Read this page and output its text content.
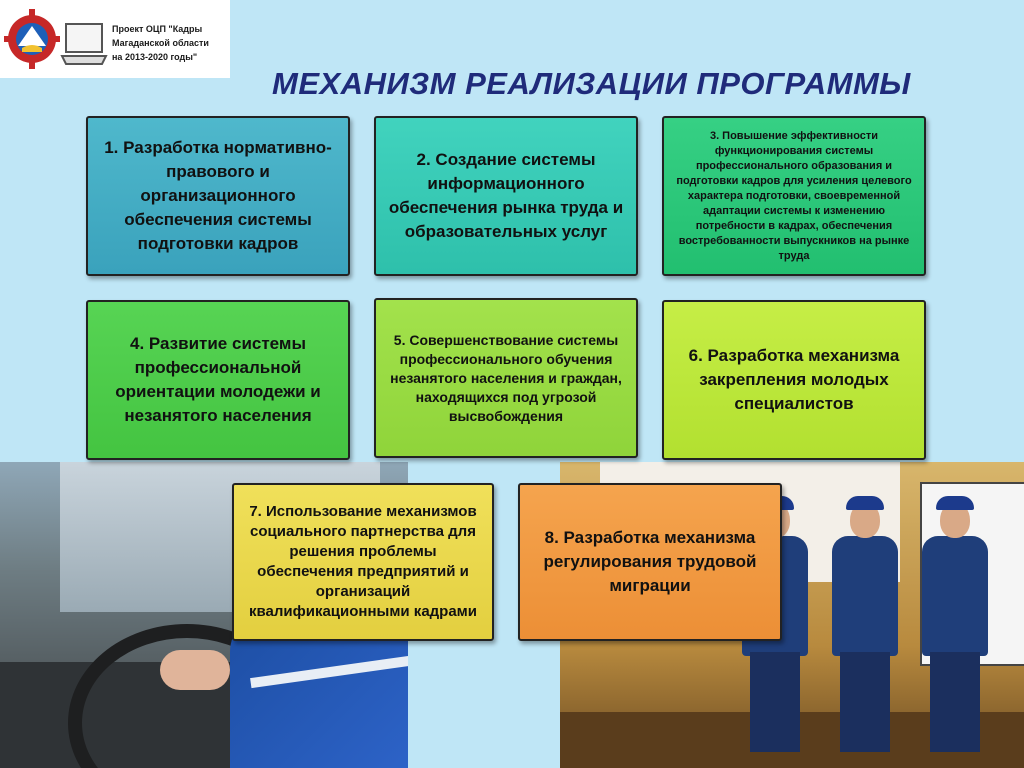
Проект ОЦП "Кадры
Магаданской области
на 2013-2020 годы"
МЕХАНИЗМ РЕАЛИЗАЦИИ ПРОГРАММЫ
1. Разработка нормативно-правового и организационного обеспечения системы подготовки кадров
2. Создание системы информационного обеспечения рынка труда и образовательных услуг
3. Повышение эффективности функционирования системы профессионального образования и подготовки кадров для усиления целевого характера подготовки, своевременной адаптации системы к изменению потребности в кадрах, обеспечения востребованности выпускников на рынке труда
4. Развитие системы профессиональной ориентации молодежи и незанятого населения
5. Совершенствование системы профессионального обучения незанятого населения и граждан, находящихся под угрозой высвобождения
6. Разработка механизма закрепления молодых специалистов
7. Использование механизмов социального партнерства для решения проблемы обеспечения предприятий и организаций квалификационными кадрами
8. Разработка механизма регулирования трудовой миграции
